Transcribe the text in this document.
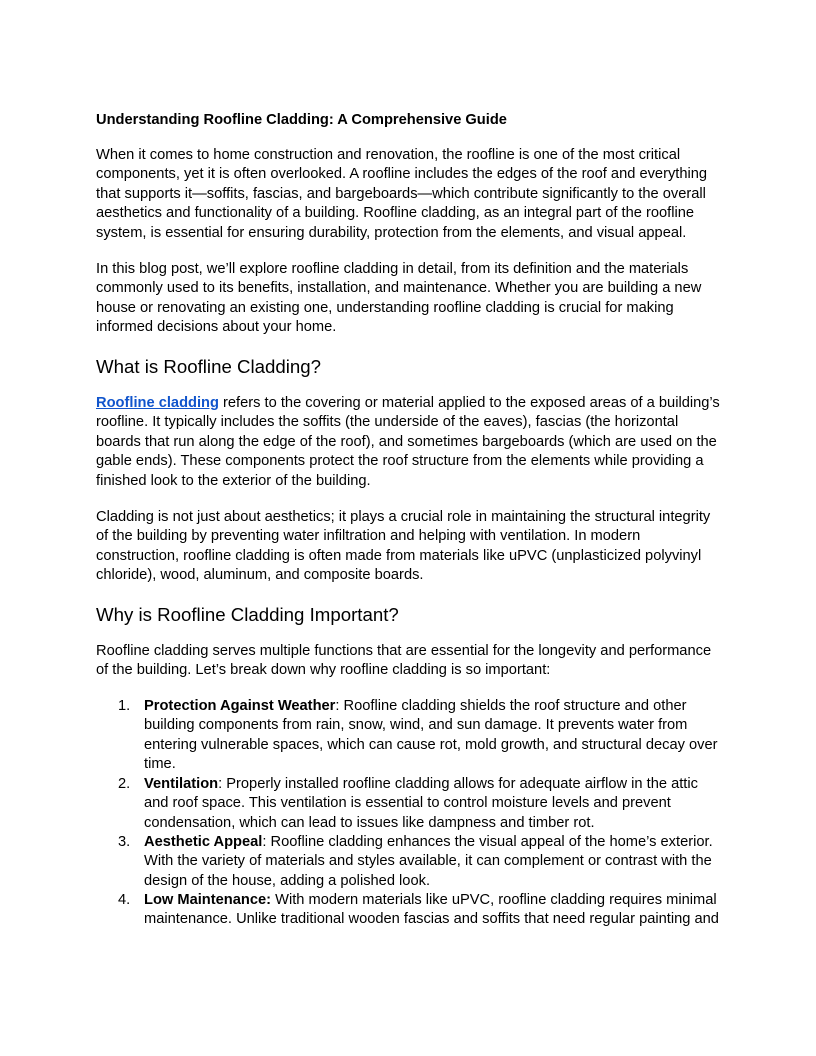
Understanding Roofline Cladding: A Comprehensive Guide

When it comes to home construction and renovation, the roofline is one of the most critical components, yet it is often overlooked. A roofline includes the edges of the roof and everything that supports it—soffits, fascias, and bargeboards—which contribute significantly to the overall aesthetics and functionality of a building. Roofline cladding, as an integral part of the roofline system, is essential for ensuring durability, protection from the elements, and visual appeal.

In this blog post, we’ll explore roofline cladding in detail, from its definition and the materials commonly used to its benefits, installation, and maintenance. Whether you are building a new house or renovating an existing one, understanding roofline cladding is crucial for making informed decisions about your home.

What is Roofline Cladding?

Roofline cladding refers to the covering or material applied to the exposed areas of a building’s roofline. It typically includes the soffits (the underside of the eaves), fascias (the horizontal boards that run along the edge of the roof), and sometimes bargeboards (which are used on the gable ends). These components protect the roof structure from the elements while providing a finished look to the exterior of the building.

Cladding is not just about aesthetics; it plays a crucial role in maintaining the structural integrity of the building by preventing water infiltration and helping with ventilation. In modern construction, roofline cladding is often made from materials like uPVC (unplasticized polyvinyl chloride), wood, aluminum, and composite boards.

Why is Roofline Cladding Important?

Roofline cladding serves multiple functions that are essential for the longevity and performance of the building. Let’s break down why roofline cladding is so important:

1. Protection Against Weather: Roofline cladding shields the roof structure and other building components from rain, snow, wind, and sun damage. It prevents water from entering vulnerable spaces, which can cause rot, mold growth, and structural decay over time.
2. Ventilation: Properly installed roofline cladding allows for adequate airflow in the attic and roof space. This ventilation is essential to control moisture levels and prevent condensation, which can lead to issues like dampness and timber rot.
3. Aesthetic Appeal: Roofline cladding enhances the visual appeal of the home’s exterior. With the variety of materials and styles available, it can complement or contrast with the design of the house, adding a polished look.
4. Low Maintenance: With modern materials like uPVC, roofline cladding requires minimal maintenance. Unlike traditional wooden fascias and soffits that need regular painting and
